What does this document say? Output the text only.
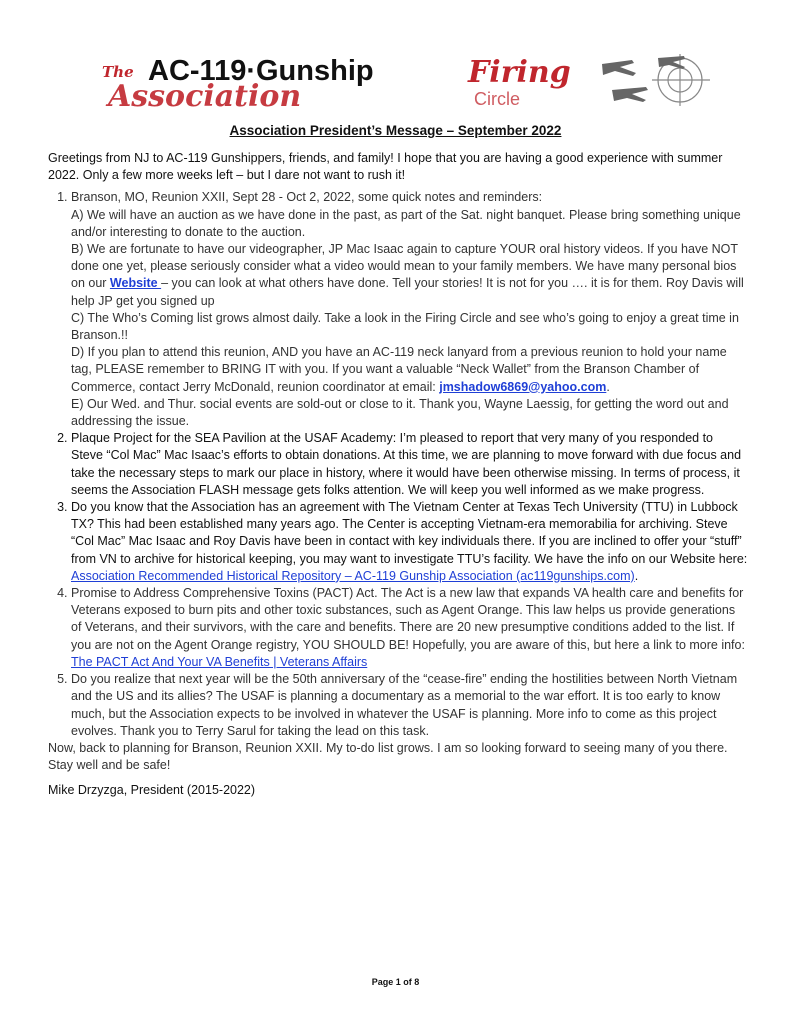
The AC-119·Gunship
Association
Firing
Circle
Association President’s Message – September 2022

Greetings from NJ to AC-119 Gunshippers, friends, and family! I hope that you are having a good experience with summer 2022. Only a few more weeks left – but I dare not want to rush it!

1. Branson, MO, Reunion XXII, Sept 28 - Oct 2, 2022, some quick notes and reminders:
A) We will have an auction as we have done in the past, as part of the Sat. night banquet. Please bring something unique and/or interesting to donate to the auction.
B) We are fortunate to have our videographer, JP Mac Isaac again to capture YOUR oral history videos. If you have NOT done one yet, please seriously consider what a video would mean to your family members. We have many personal bios on our Website – you can look at what others have done. Tell your stories! It is not for you …. it is for them. Roy Davis will help JP get you signed up
C) The Who’s Coming list grows almost daily. Take a look in the Firing Circle and see who’s going to enjoy a great time in Branson.!!
D) If you plan to attend this reunion, AND you have an AC-119 neck lanyard from a previous reunion to hold your name tag, PLEASE remember to BRING IT with you. If you want a valuable “Neck Wallet” from the Branson Chamber of Commerce, contact Jerry McDonald, reunion coordinator at email: jmshadow6869@yahoo.com.
E) Our Wed. and Thur. social events are sold-out or close to it. Thank you, Wayne Laessig, for getting the word out and addressing the issue.
2. Plaque Project for the SEA Pavilion at the USAF Academy: I’m pleased to report that very many of you responded to Steve “Col Mac” Mac Isaac’s efforts to obtain donations. At this time, we are planning to move forward with due focus and take the necessary steps to mark our place in history, where it would have been otherwise missing. In terms of process, it seems the Association FLASH message gets folks attention. We will keep you well informed as we make progress.
3. Do you know that the Association has an agreement with The Vietnam Center at Texas Tech University (TTU) in Lubbock TX? This had been established many years ago. The Center is accepting Vietnam-era memorabilia for archiving. Steve “Col Mac” Mac Isaac and Roy Davis have been in contact with key individuals there. If you are inclined to offer your “stuff” from VN to archive for historical keeping, you may want to investigate TTU’s facility. We have the info on our Website here: Association Recommended Historical Repository – AC-119 Gunship Association (ac119gunships.com).
4. Promise to Address Comprehensive Toxins (PACT) Act. The Act is a new law that expands VA health care and benefits for Veterans exposed to burn pits and other toxic substances, such as Agent Orange. This law helps us provide generations of Veterans, and their survivors, with the care and benefits. There are 20 new presumptive conditions added to the list. If you are not on the Agent Orange registry, YOU SHOULD BE! Hopefully, you are aware of this, but here a link to more info: The PACT Act And Your VA Benefits | Veterans Affairs
5. Do you realize that next year will be the 50th anniversary of the “cease-fire” ending the hostilities between North Vietnam and the US and its allies? The USAF is planning a documentary as a memorial to the war effort. It is too early to know much, but the Association expects to be involved in whatever the USAF is planning. More info to come as this project evolves. Thank you to Terry Sarul for taking the lead on this task.

Now, back to planning for Branson, Reunion XXII. My to-do list grows. I am so looking forward to seeing many of you there. Stay well and be safe!

Mike Drzyzga, President (2015-2022)

Page 1 of 8
